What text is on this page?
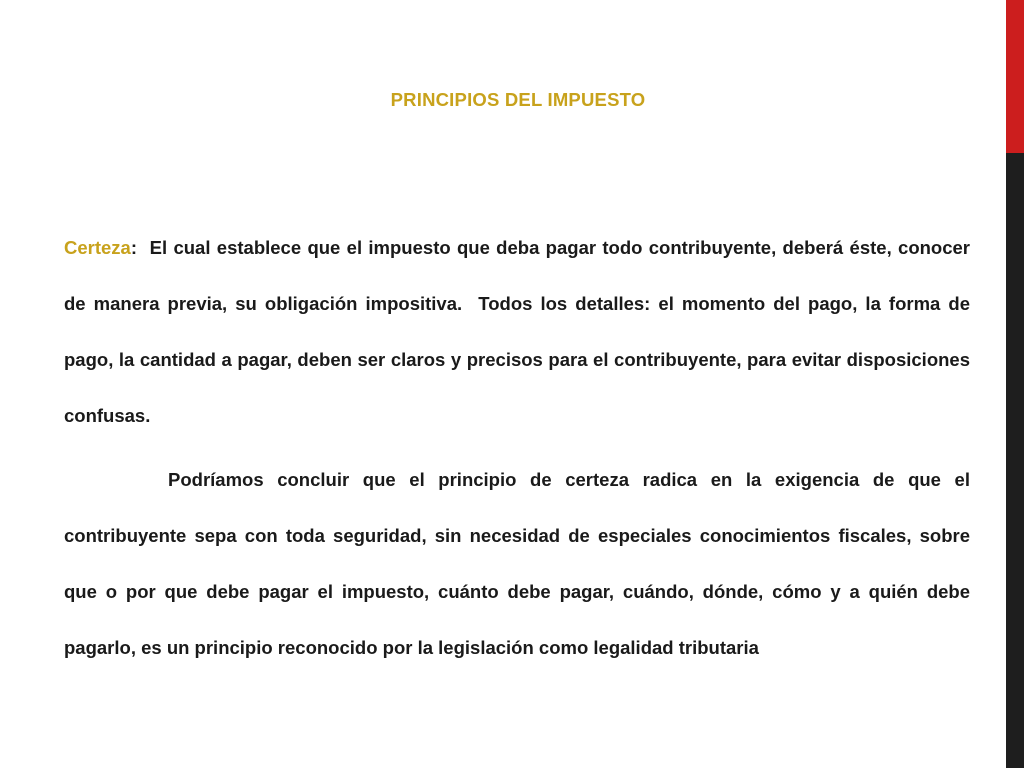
PRINCIPIOS DEL IMPUESTO

Certeza:  El cual establece que el impuesto que deba pagar todo contribuyente, deberá éste, conocer de manera previa, su obligación impositiva.  Todos los detalles: el momento del pago, la forma de pago, la cantidad a pagar, deben ser claros y precisos para el contribuyente, para evitar disposiciones confusas.

Podríamos concluir que el principio de certeza radica en la exigencia de que el contribuyente sepa con toda seguridad, sin necesidad de especiales conocimientos fiscales, sobre que o por que debe pagar el impuesto, cuánto debe pagar, cuándo, dónde, cómo y a quién debe pagarlo, es un principio reconocido por la legislación como legalidad tributaria
